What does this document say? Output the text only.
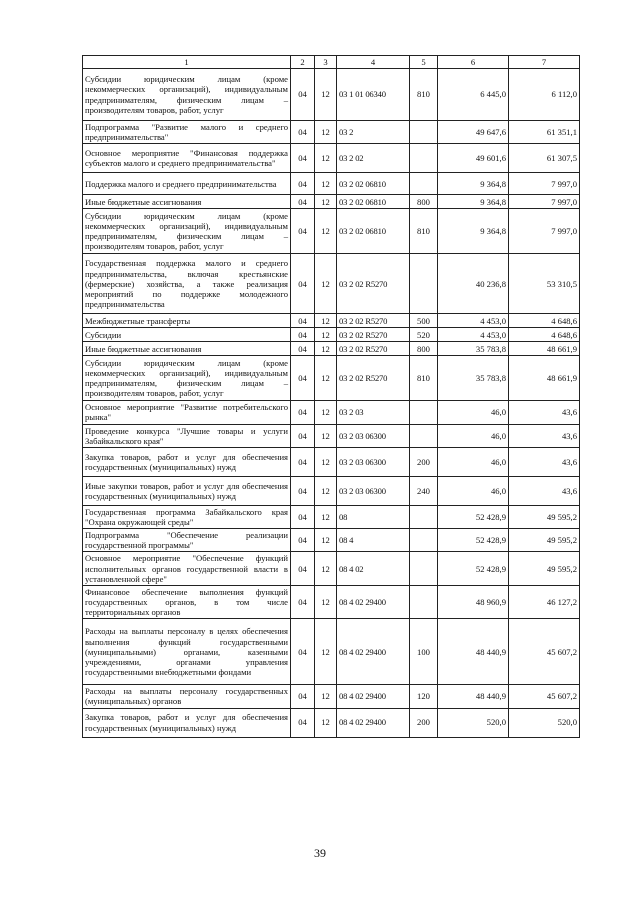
1	2	3	4	5	6	7
Субсидии юридическим лицам (кроме некоммерческих организаций), индивидуальным предпринимателям, физическим лицам – производителям товаров, работ, услуг	04	12	03 1 01 06340	810	6 445,0	6 112,0
Подпрограмма "Развитие малого и среднего предпринимательства"	04	12	03 2		49 647,6	61 351,1
Основное мероприятие "Финансовая поддержка субъектов малого и среднего предпринимательства"	04	12	03 2 02		49 601,6	61 307,5
Поддержка малого и среднего предпринимательства	04	12	03 2 02 06810		9 364,8	7 997,0
Иные бюджетные ассигнования	04	12	03 2 02 06810	800	9 364,8	7 997,0
Субсидии юридическим лицам (кроме некоммерческих организаций), индивидуальным предпринимателям, физическим лицам – производителям товаров, работ, услуг	04	12	03 2 02 06810	810	9 364,8	7 997,0
Государственная поддержка малого и среднего предпринимательства, включая крестьянские (фермерские) хозяйства, а также реализация мероприятий по поддержке молодежного предпринимательства	04	12	03 2 02 R5270		40 236,8	53 310,5
Межбюджетные трансферты	04	12	03 2 02 R5270	500	4 453,0	4 648,6
Субсидии	04	12	03 2 02 R5270	520	4 453,0	4 648,6
Иные бюджетные ассигнования	04	12	03 2 02 R5270	800	35 783,8	48 661,9
Субсидии юридическим лицам (кроме некоммерческих организаций), индивидуальным предпринимателям, физическим лицам – производителям товаров, работ, услуг	04	12	03 2 02 R5270	810	35 783,8	48 661,9
Основное мероприятие "Развитие потребительского рынка"	04	12	03 2 03		46,0	43,6
Проведение конкурса "Лучшие товары и услуги Забайкальского края"	04	12	03 2 03 06300		46,0	43,6
Закупка товаров, работ и услуг для обеспечения государственных (муниципальных) нужд	04	12	03 2 03 06300	200	46,0	43,6
Иные закупки товаров, работ и услуг для обеспечения государственных (муниципальных) нужд	04	12	03 2 03 06300	240	46,0	43,6
Государственная программа Забайкальского края "Охрана окружающей среды"	04	12	08		52 428,9	49 595,2
Подпрограмма "Обеспечение реализации государственной программы"	04	12	08 4		52 428,9	49 595,2
Основное мероприятие "Обеспечение функций исполнительных органов государственной власти в установленной сфере"	04	12	08 4 02		52 428,9	49 595,2
Финансовое обеспечение выполнения функций государственных органов, в том числе территориальных органов	04	12	08 4 02 29400		48 960,9	46 127,2
Расходы на выплаты персоналу в целях обеспечения выполнения функций государственными (муниципальными) органами, казенными учреждениями, органами управления государственными внебюджетными фондами	04	12	08 4 02 29400	100	48 440,9	45 607,2
Расходы на выплаты персоналу государственных (муниципальных) органов	04	12	08 4 02 29400	120	48 440,9	45 607,2
Закупка товаров, работ и услуг для обеспечения государственных (муниципальных) нужд	04	12	08 4 02 29400	200	520,0	520,0
39
